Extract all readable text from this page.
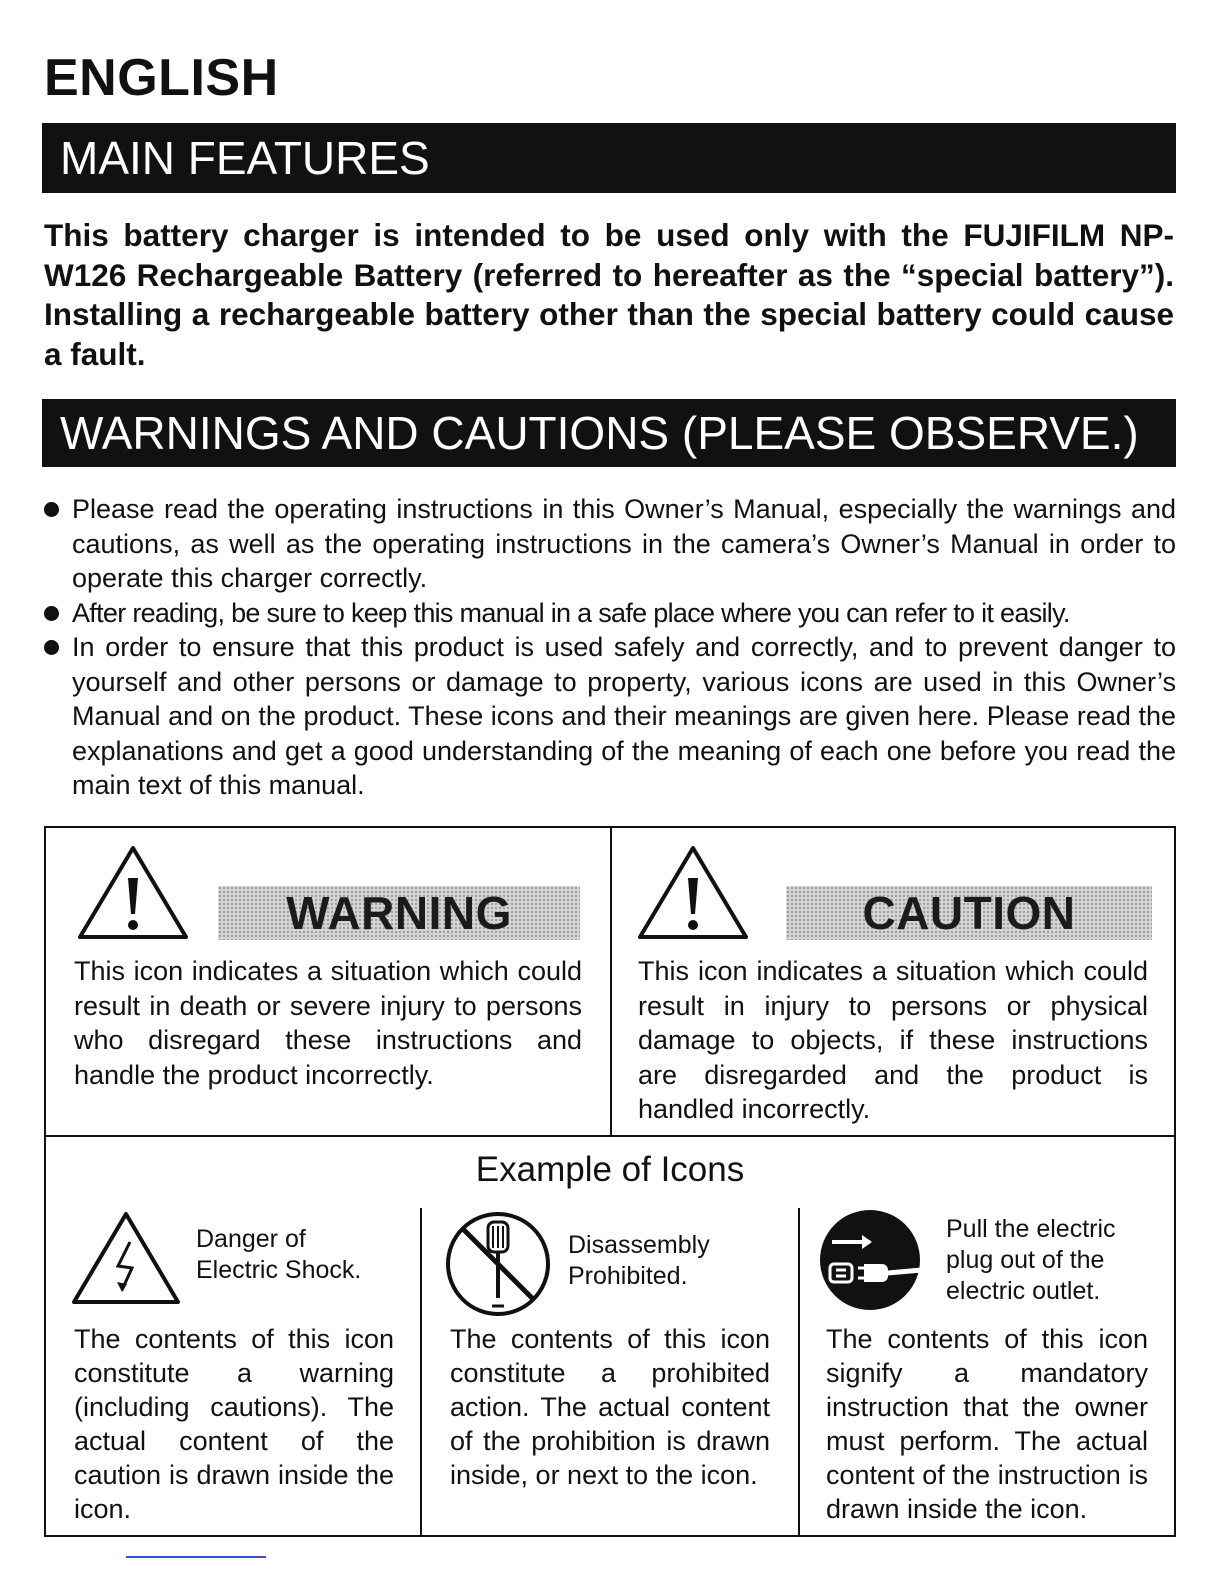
ENGLISH
MAIN FEATURES

This battery charger is intended to be used only with the FUJIFILM NP-W126 Rechargeable Battery (referred to hereafter as the “special battery”). Installing a rechargeable battery other than the special battery could cause a fault.

WARNINGS AND CAUTIONS (PLEASE OBSERVE.)
Please read the operating instructions in this Owner’s Manual, especially the warnings and cautions, as well as the operating instructions in the camera’s Owner’s Manual in order to operate this charger correctly.
After reading, be sure to keep this manual in a safe place where you can refer to it easily.
In order to ensure that this product is used safely and correctly, and to prevent danger to yourself and other persons or damage to property, various icons are used in this Owner’s Manual and on the product. These icons and their meanings are given here. Please read the explanations and get a good understanding of the meaning of each one before you read the main text of this manual.
WARNING

This icon indicates a situation which could result in death or severe injury to persons who disregard these instructions and handle the product incorrectly.

CAUTION

This icon indicates a situation which could result in injury to persons or physical damage to objects, if these instructions are disregarded and the product is handled incorrectly.

Example of Icons

Danger of
Electric Shock.

The contents of this icon constitute a warning (including cautions). The actual content of the caution is drawn inside the icon.

Disassembly
Prohibited.

The contents of this icon constitute a prohibited action. The actual content of the prohibition is drawn inside, or next to the icon.

Pull the electric
plug out of the
electric outlet.

The contents of this icon signify a mandatory instruction that the owner must perform. The actual content of the instruction is drawn inside the icon.
